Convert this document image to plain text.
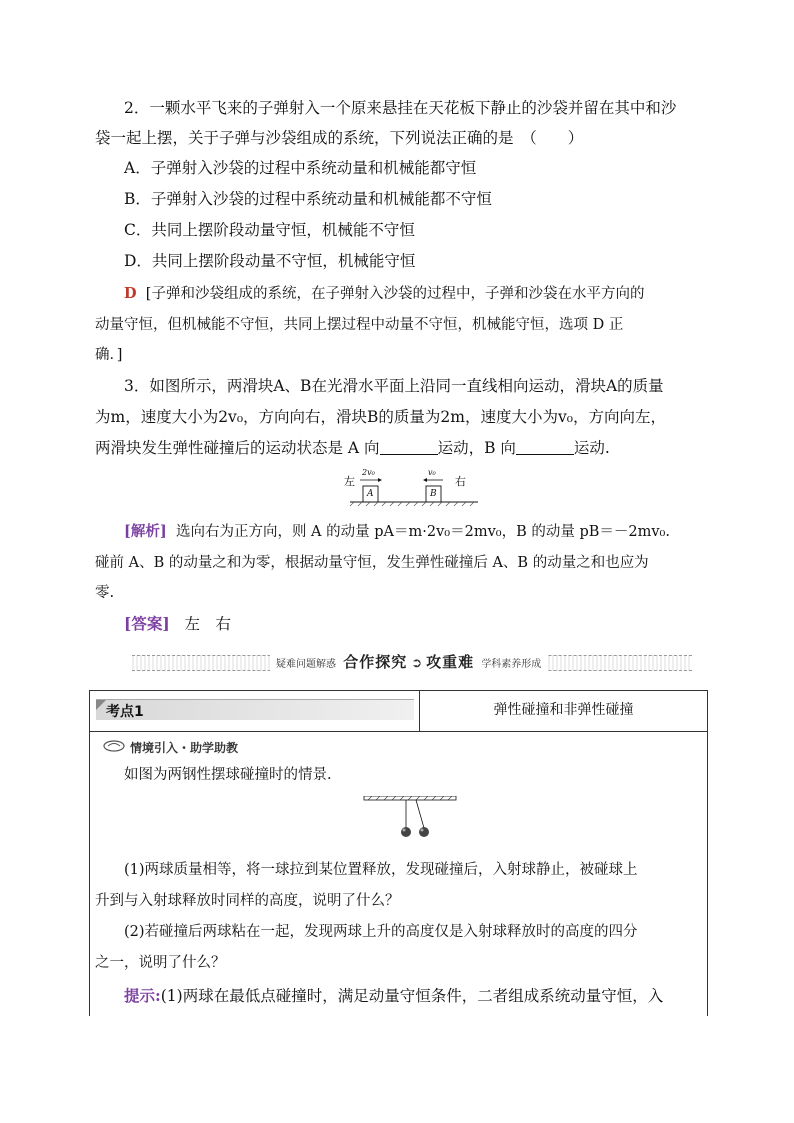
2．一颗水平飞来的子弹射入一个原来悬挂在天花板下静止的沙袋并留在其中和沙
袋一起上摆，关于子弹与沙袋组成的系统，下列说法正确的是　（　　）
A．子弹射入沙袋的过程中系统动量和机械能都守恒
B．子弹射入沙袋的过程中系统动量和机械能都不守恒
C．共同上摆阶段动量守恒，机械能不守恒
D．共同上摆阶段动量不守恒，机械能守恒
D [子弹和沙袋组成的系统，在子弹射入沙袋的过程中，子弹和沙袋在水平方向的
动量守恒，但机械能不守恒，共同上摆过程中动量不守恒，机械能守恒，选项 D 正
确．]
3．如图所示，两滑块A、B在光滑水平面上沿同一直线相向运动，滑块A的质量
为m，速度大小为2v₀，方向向右，滑块B的质量为2m，速度大小为v₀，方向向左，
两滑块发生弹性碰撞后的运动状态是 A 向	运动，B 向	运动.
左	右
2v₀	v₀
A	B
[解析] 选向右为正方向，则 A 的动量 pA＝m·2v₀＝2mv₀，B 的动量 pB＝－2mv₀.
碰前 A、B 的动量之和为零，根据动量守恒，发生弹性碰撞后 A、B 的动量之和也应为
零.
[答案] 左　右
疑难问题解惑 合作探究 ➲ 攻重难 学科素养形成
考点1	弹性碰撞和非弹性碰撞
情境引入・助学助教
如图为两钢性摆球碰撞时的情景.
(1)两球质量相等，将一球拉到某位置释放，发现碰撞后，入射球静止，被碰球上
升到与入射球释放时同样的高度，说明了什么？
(2)若碰撞后两球粘在一起，发现两球上升的高度仅是入射球释放时的高度的四分
之一，说明了什么？
提示:(1)两球在最低点碰撞时，满足动量守恒条件，二者组成系统动量守恒，入
